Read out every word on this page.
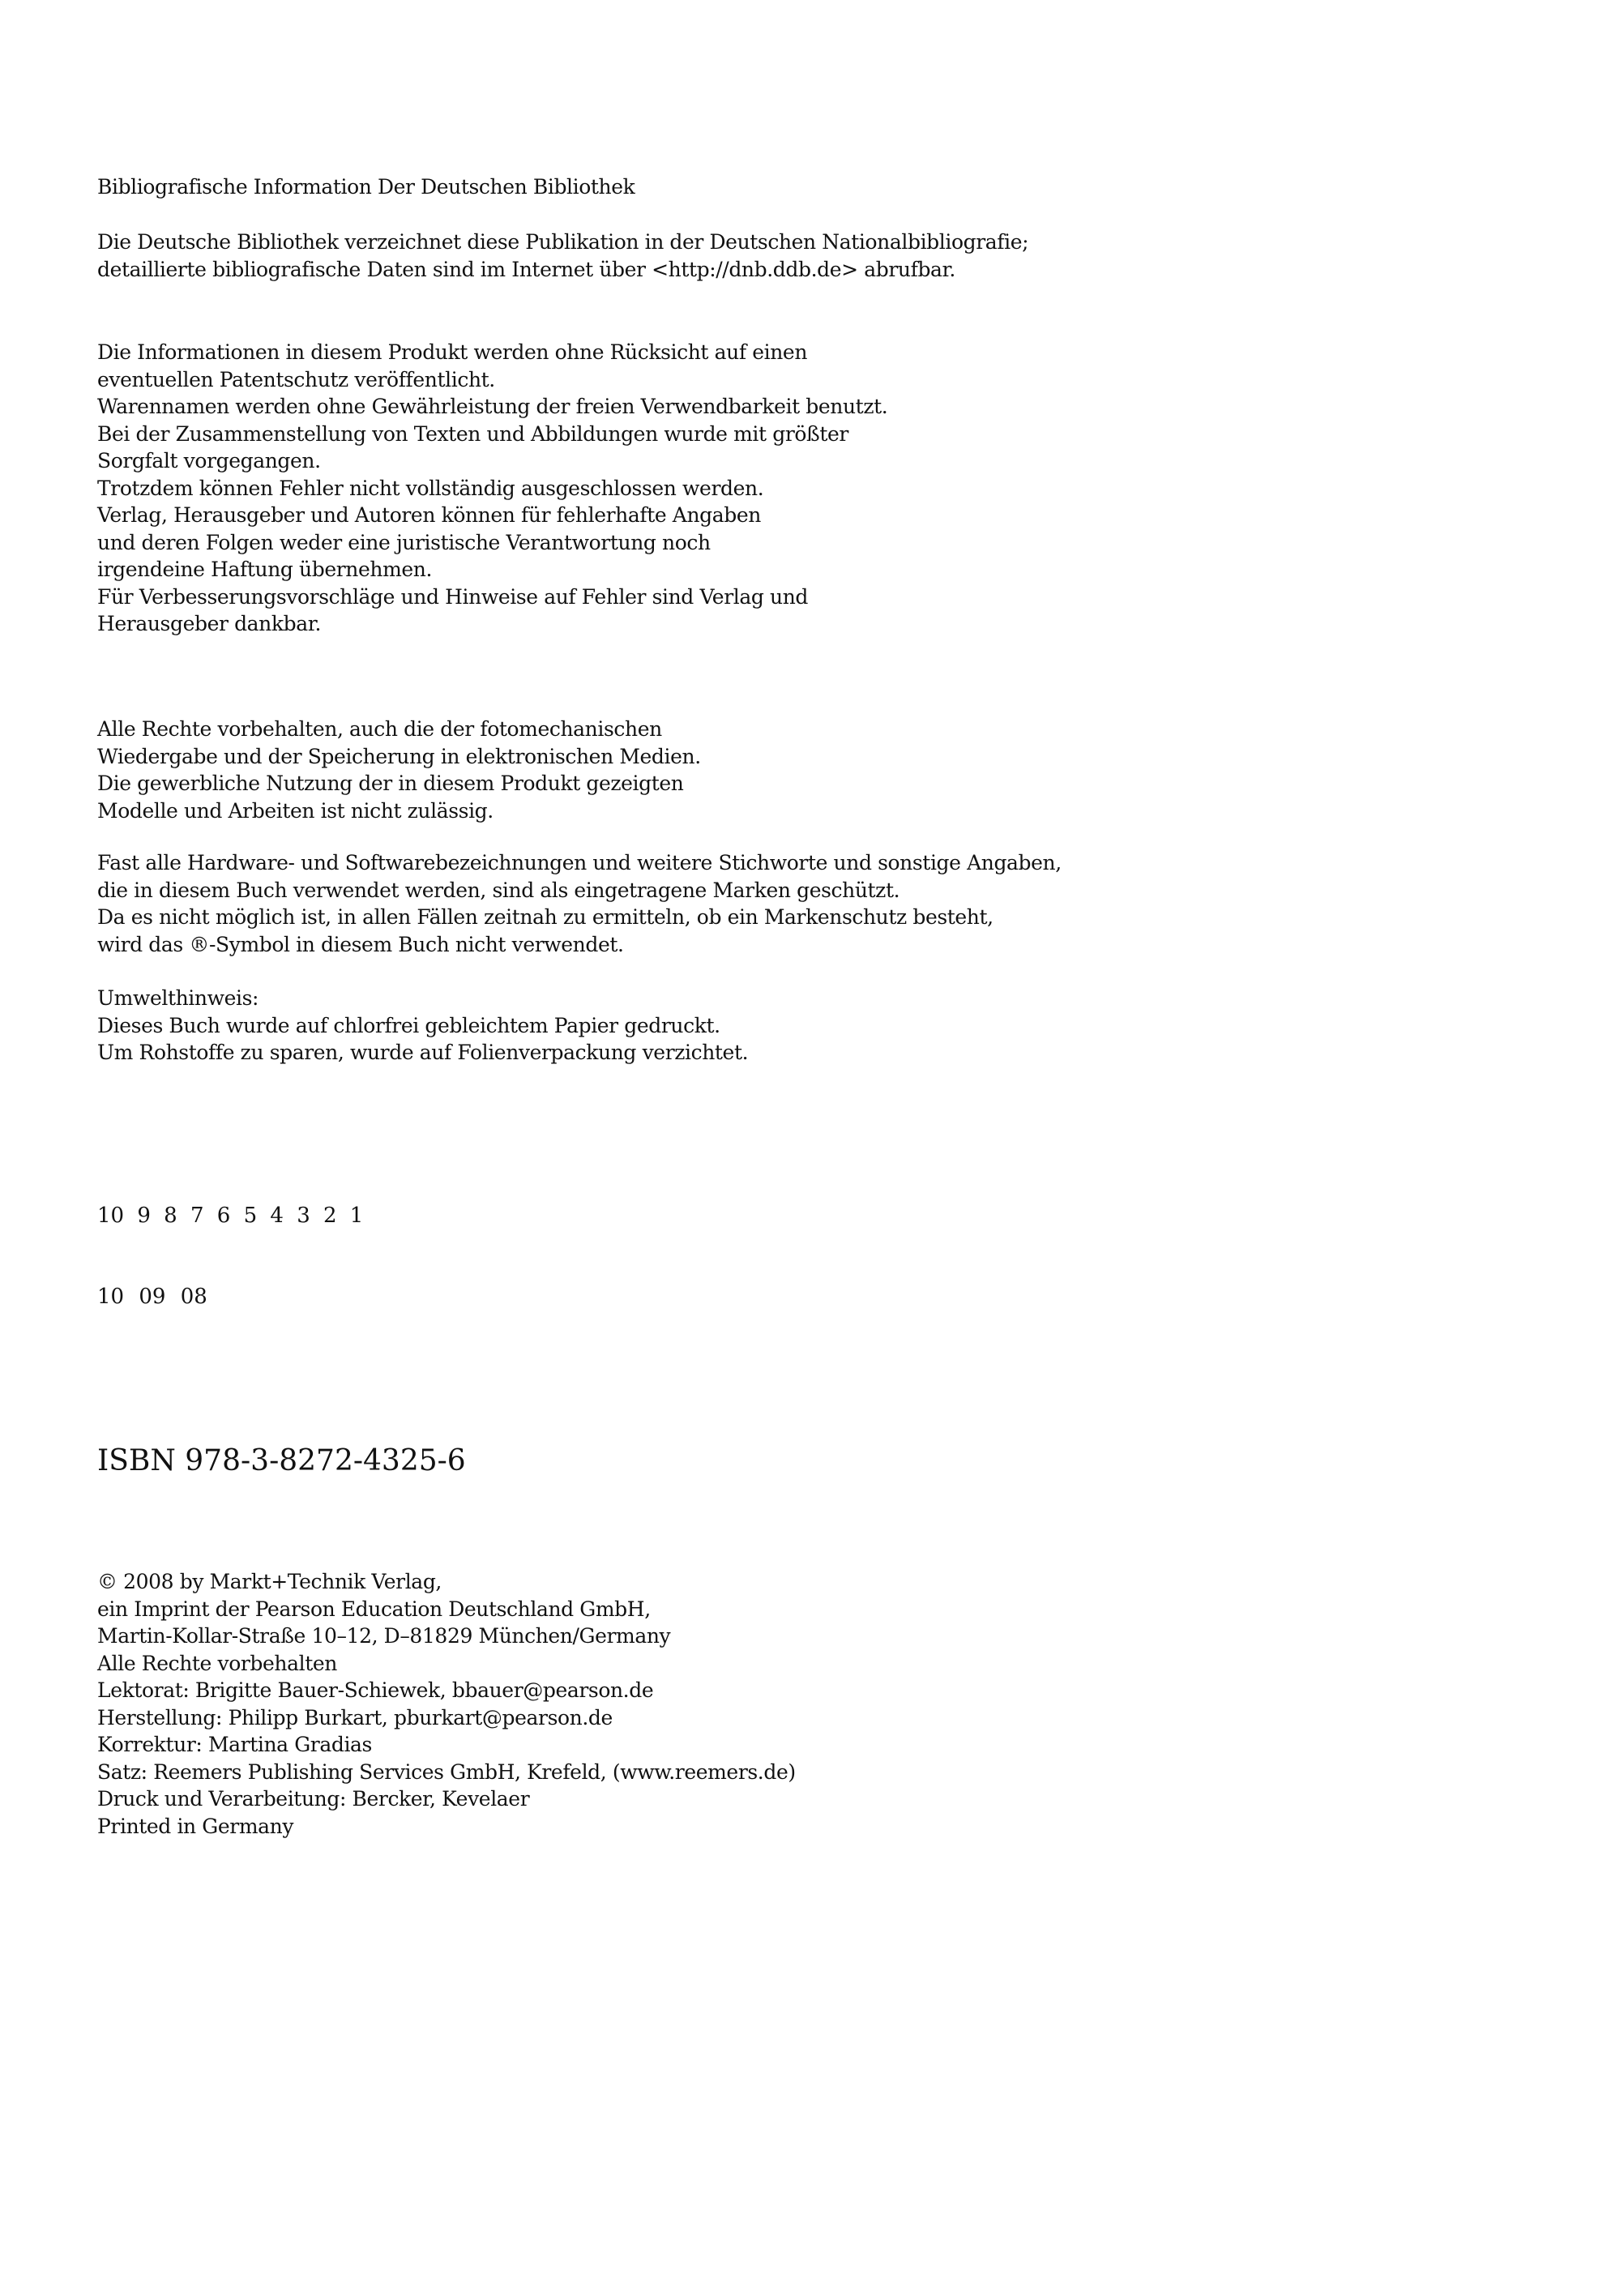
Bibliografische Information Der Deutschen Bibliothek
Die Deutsche Bibliothek verzeichnet diese Publikation in der Deutschen Nationalbibliografie;
detaillierte bibliografische Daten sind im Internet über <http://dnb.ddb.de> abrufbar.
Die Informationen in diesem Produkt werden ohne Rücksicht auf einen
eventuellen Patentschutz veröffentlicht.
Warennamen werden ohne Gewährleistung der freien Verwendbarkeit benutzt.
Bei der Zusammenstellung von Texten und Abbildungen wurde mit größter
Sorgfalt vorgegangen.
Trotzdem können Fehler nicht vollständig ausgeschlossen werden.
Verlag, Herausgeber und Autoren können für fehlerhafte Angaben
und deren Folgen weder eine juristische Verantwortung noch
irgendeine Haftung übernehmen.
Für Verbesserungsvorschläge und Hinweise auf Fehler sind Verlag und
Herausgeber dankbar.
Alle Rechte vorbehalten, auch die der fotomechanischen
Wiedergabe und der Speicherung in elektronischen Medien.
Die gewerbliche Nutzung der in diesem Produkt gezeigten
Modelle und Arbeiten ist nicht zulässig.
Fast alle Hardware- und Softwarebezeichnungen und weitere Stichworte und sonstige Angaben,
die in diesem Buch verwendet werden, sind als eingetragene Marken geschützt.
Da es nicht möglich ist, in allen Fällen zeitnah zu ermitteln, ob ein Markenschutz besteht,
wird das ®-Symbol in diesem Buch nicht verwendet.
Umwelthinweis:
Dieses Buch wurde auf chlorfrei gebleichtem Papier gedruckt.
Um Rohstoffe zu sparen, wurde auf Folienverpackung verzichtet.
10 9 8 7 6 5 4 3 2 1
10 09 08
ISBN 978-3-8272-4325-6
© 2008 by Markt+Technik Verlag,
ein Imprint der Pearson Education Deutschland GmbH,
Martin-Kollar-Straße 10–12, D–81829 München/Germany
Alle Rechte vorbehalten
Lektorat: Brigitte Bauer-Schiewek, bbauer@pearson.de
Herstellung: Philipp Burkart, pburkart@pearson.de
Korrektur: Martina Gradias
Satz: Reemers Publishing Services GmbH, Krefeld, (www.reemers.de)
Druck und Verarbeitung: Bercker, Kevelaer
Printed in Germany
